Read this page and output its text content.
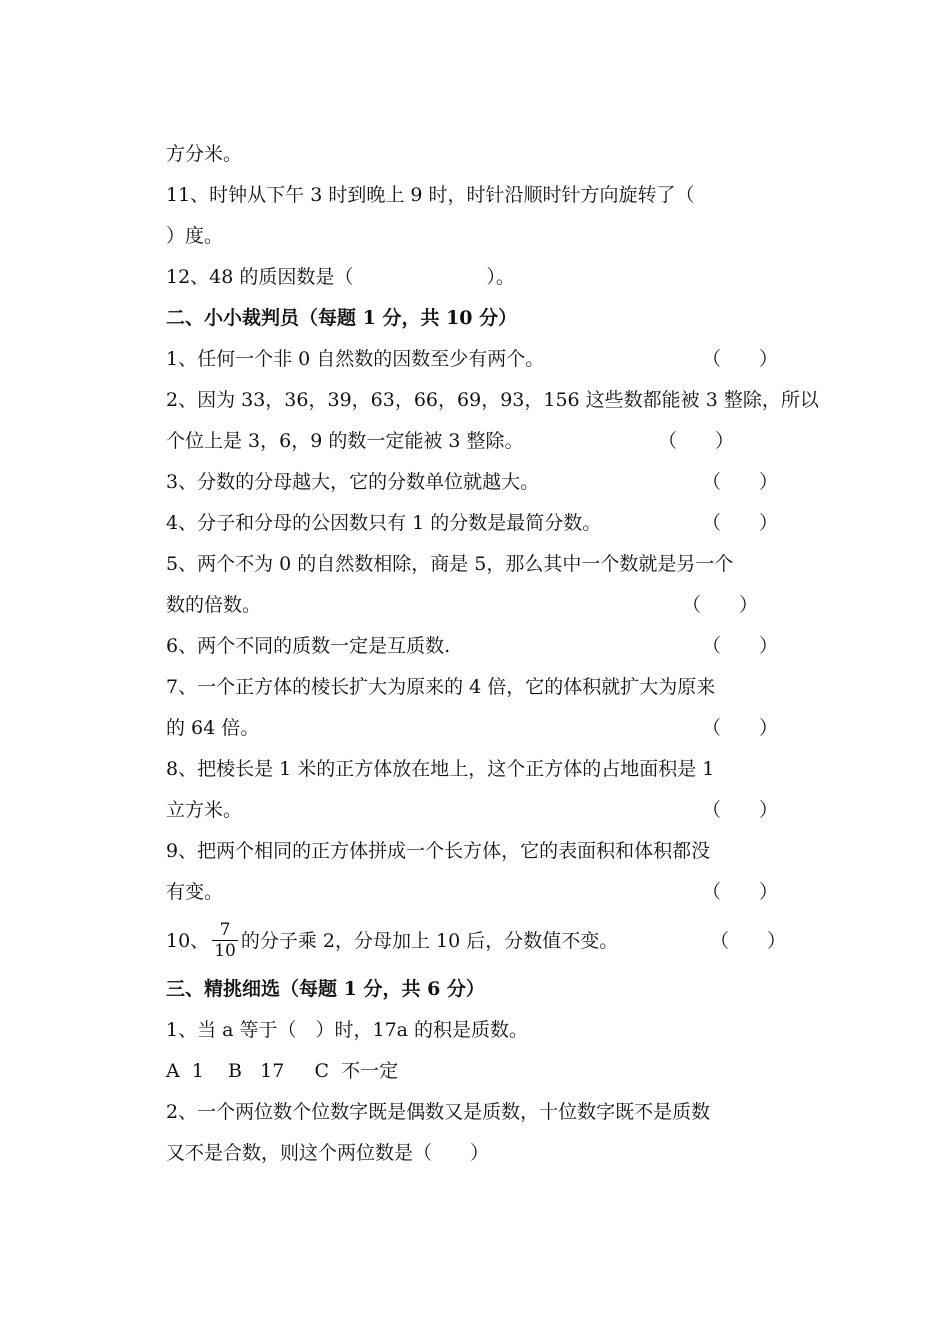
方分米。
11、时钟从下午 3 时到晚上 9 时，时针沿顺时针方向旋转了（
）度。
12、48 的质因数是（　　　　　　　）。
二、小小裁判员（每题 1 分，共 10 分）
1、任何一个非 0 自然数的因数至少有两个。	（　　）
2、因为 33，36，39，63，66，69，93，156 这些数都能被 3 整除，所以
个位上是 3，6，9 的数一定能被 3 整除。	（　　）
3、分数的分母越大，它的分数单位就越大。	（　　）
4、分子和分母的公因数只有 1 的分数是最简分数。	（　　）
5、两个不为 0 的自然数相除，商是 5，那么其中一个数就是另一个
数的倍数。	（　　）
6、两个不同的质数一定是互质数.	（　　）
7、一个正方体的棱长扩大为原来的 4 倍，它的体积就扩大为原来
的 64 倍。	（　　）
8、把棱长是 1 米的正方体放在地上，这个正方体的占地面积是 1
立方米。	（　　）
9、把两个相同的正方体拼成一个长方体，它的表面积和体积都没
有变。	（　　）
10、 $\frac{7}{10}$ 的分子乘 2，分母加上 10 后，分数值不变。	（　　）
三、精挑细选（每题 1 分，共 6 分）
1、当 a 等于（　）时，17a 的积是质数。
A  1    B   17     C  不一定
2、一个两位数个位数字既是偶数又是质数，十位数字既不是质数
又不是合数，则这个两位数是（　　）
